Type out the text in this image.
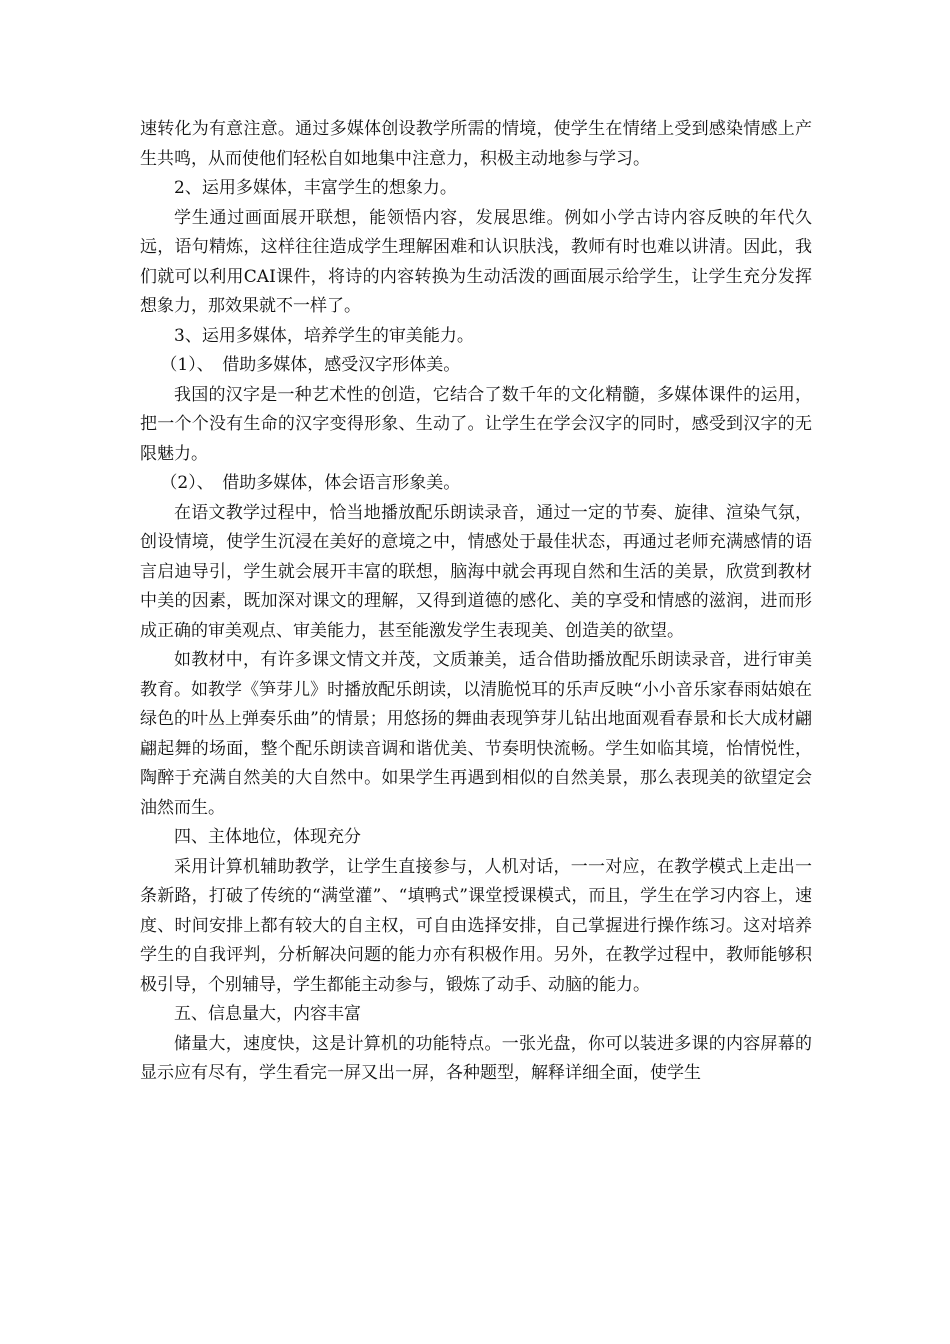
速转化为有意注意。通过多媒体创设教学所需的情境，使学生在情绪上受到感染情感上产生共鸣，从而使他们轻松自如地集中注意力，积极主动地参与学习。

2、运用多媒体，丰富学生的想象力。

学生通过画面展开联想，能领悟内容，发展思维。例如小学古诗内容反映的年代久远，语句精炼，这样往往造成学生理解困难和认识肤浅，教师有时也难以讲清。因此，我们就可以利用CAI课件，将诗的内容转换为生动活泼的画面展示给学生，让学生充分发挥想象力，那效果就不一样了。

3、运用多媒体，培养学生的审美能力。

（1）、　借助多媒体，感受汉字形体美。

我国的汉字是一种艺术性的创造，它结合了数千年的文化精髓，多媒体课件的运用，把一个个没有生命的汉字变得形象、生动了。让学生在学会汉字的同时，感受到汉字的无限魅力。

（2）、　借助多媒体，体会语言形象美。

在语文教学过程中，恰当地播放配乐朗读录音，通过一定的节奏、旋律、渲染气氛，创设情境，使学生沉浸在美好的意境之中，情感处于最佳状态，再通过老师充满感情的语言启迪导引，学生就会展开丰富的联想，脑海中就会再现自然和生活的美景，欣赏到教材中美的因素，既加深对课文的理解，又得到道德的感化、美的享受和情感的滋润，进而形成正确的审美观点、审美能力，甚至能激发学生表现美、创造美的欲望。

如教材中，有许多课文情文并茂，文质兼美，适合借助播放配乐朗读录音，进行审美教育。如教学《笋芽儿》时播放配乐朗读，以清脆悦耳的乐声反映“小小音乐家春雨姑娘在绿色的叶丛上弹奏乐曲”的情景；用悠扬的舞曲表现笋芽儿钻出地面观看春景和长大成材翩翩起舞的场面，整个配乐朗读音调和谐优美、节奏明快流畅。学生如临其境，怡情悦性，陶醉于充满自然美的大自然中。如果学生再遇到相似的自然美景，那么表现美的欲望定会油然而生。

四、主体地位，体现充分

采用计算机辅助教学，让学生直接参与，人机对话，一一对应，在教学模式上走出一条新路，打破了传统的“满堂灌”、“填鸭式”课堂授课模式，而且，学生在学习内容上，速度、时间安排上都有较大的自主权，可自由选择安排，自己掌握进行操作练习。这对培养学生的自我评判，分析解决问题的能力亦有积极作用。另外，在教学过程中，教师能够积极引导，个别辅导，学生都能主动参与，锻炼了动手、动脑的能力。

五、信息量大，内容丰富

储量大，速度快，这是计算机的功能特点。一张光盘，你可以装进多课的内容屏幕的显示应有尽有，学生看完一屏又出一屏，各种题型，解释详细全面，使学生
